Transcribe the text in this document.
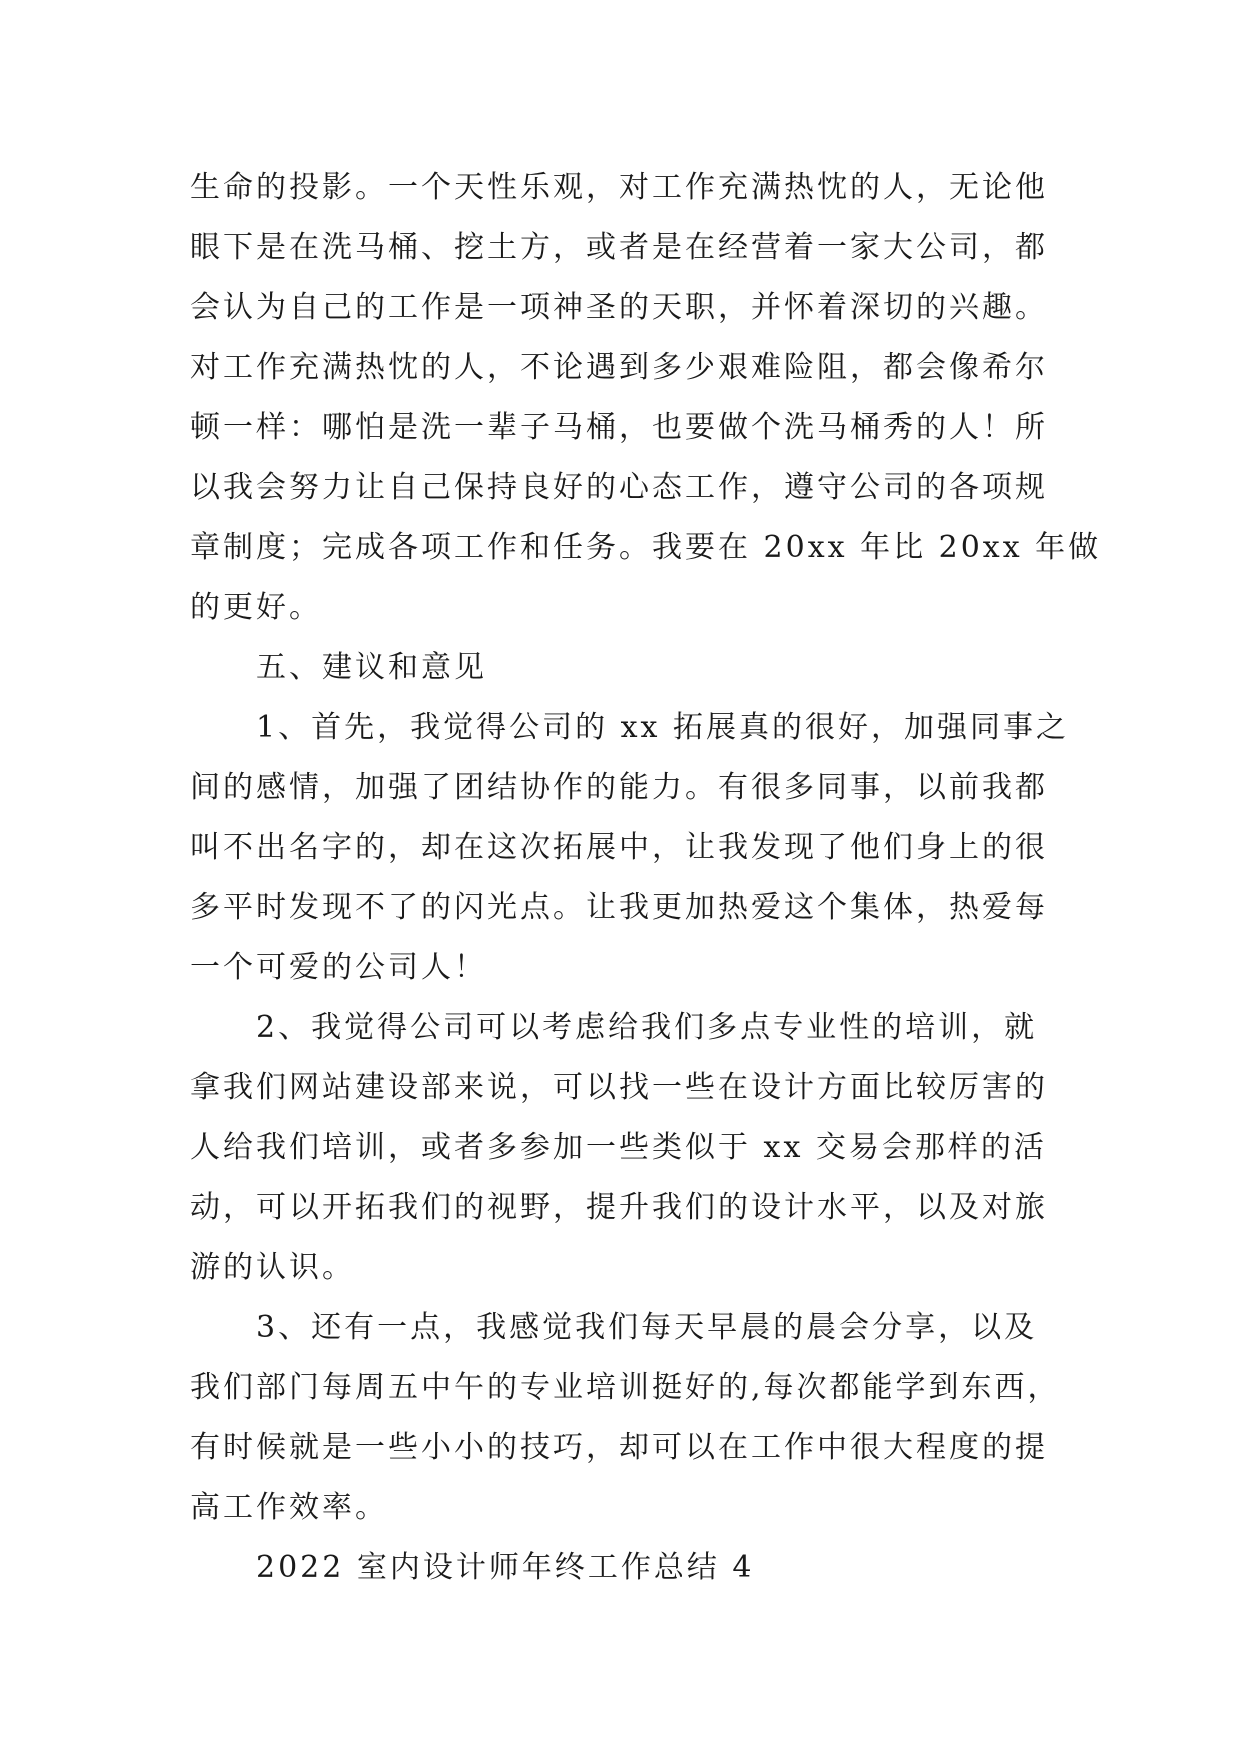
生命的投影。一个天性乐观，对工作充满热忱的人，无论他
眼下是在洗马桶、挖土方，或者是在经营着一家大公司，都
会认为自己的工作是一项神圣的天职，并怀着深切的兴趣。
对工作充满热忱的人，不论遇到多少艰难险阻，都会像希尔
顿一样：哪怕是洗一辈子马桶，也要做个洗马桶秀的人！所
以我会努力让自己保持良好的心态工作，遵守公司的各项规
章制度；完成各项工作和任务。我要在 20xx 年比 20xx 年做
的更好。
　　五、建议和意见
　　1、首先，我觉得公司的 xx 拓展真的很好，加强同事之
间的感情，加强了团结协作的能力。有很多同事，以前我都
叫不出名字的，却在这次拓展中，让我发现了他们身上的很
多平时发现不了的闪光点。让我更加热爱这个集体，热爱每
一个可爱的公司人！
　　2、我觉得公司可以考虑给我们多点专业性的培训，就
拿我们网站建设部来说，可以找一些在设计方面比较厉害的
人给我们培训，或者多参加一些类似于 xx 交易会那样的活
动，可以开拓我们的视野，提升我们的设计水平，以及对旅
游的认识。
　　3、还有一点，我感觉我们每天早晨的晨会分享，以及
我们部门每周五中午的专业培训挺好的,每次都能学到东西，
有时候就是一些小小的技巧，却可以在工作中很大程度的提
高工作效率。
　　2022 室内设计师年终工作总结 4
